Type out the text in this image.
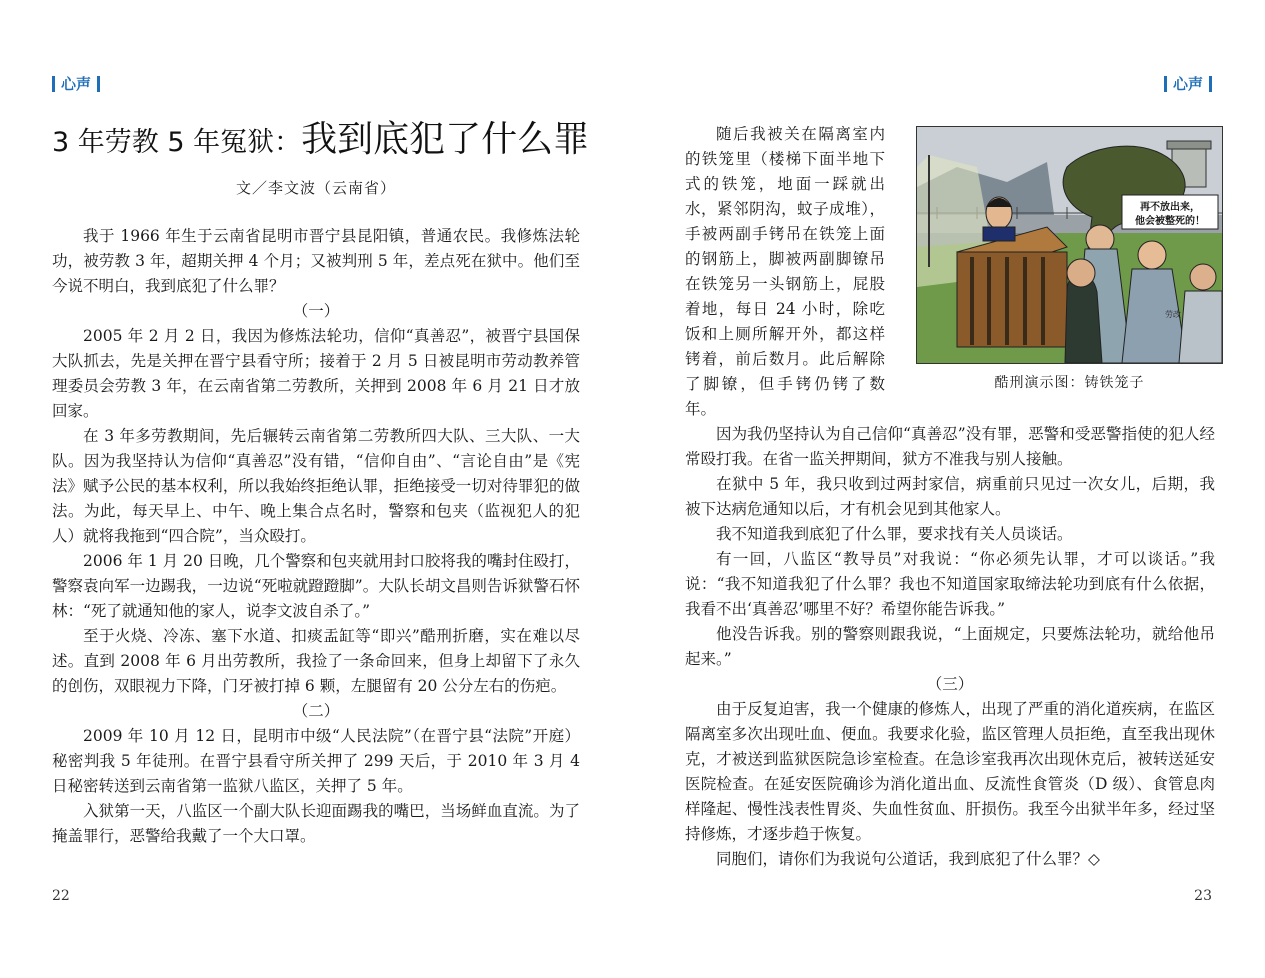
心声
3 年劳教 5 年冤狱：我到底犯了什么罪
文／李文波（云南省）

我于 1966 年生于云南省昆明市晋宁县昆阳镇，普通农民。我修炼法轮功，被劳教 3 年，超期关押 4 个月；又被判刑 5 年，差点死在狱中。他们至今说不明白，我到底犯了什么罪？

（一）

2005 年 2 月 2 日，我因为修炼法轮功，信仰“真善忍”，被晋宁县国保大队抓去，先是关押在晋宁县看守所；接着于 2 月 5 日被昆明市劳动教养管理委员会劳教 3 年，在云南省第二劳教所，关押到 2008 年 6 月 21 日才放回家。

在 3 年多劳教期间，先后辗转云南省第二劳教所四大队、三大队、一大队。因为我坚持认为信仰“真善忍”没有错，“信仰自由”、“言论自由”是《宪法》赋予公民的基本权利，所以我始终拒绝认罪，拒绝接受一切对待罪犯的做法。为此，每天早上、中午、晚上集合点名时，警察和包夹（监视犯人的犯人）就将我拖到“四合院”，当众殴打。

2006 年 1 月 20 日晚，几个警察和包夹就用封口胶将我的嘴封住殴打，警察袁向军一边踢我，一边说“死啦就蹬蹬脚”。大队长胡文昌则告诉狱警石怀林：“死了就通知他的家人，说李文波自杀了。”

至于火烧、冷冻、塞下水道、扣痰盂缸等“即兴”酷刑折磨，实在难以尽述。直到 2008 年 6 月出劳教所，我捡了一条命回来，但身上却留下了永久的创伤，双眼视力下降，门牙被打掉 6 颗，左腿留有 20 公分左右的伤疤。

（二）

2009 年 10 月 12 日，昆明市中级“人民法院”（在晋宁县“法院”开庭）秘密判我 5 年徒刑。在晋宁县看守所关押了 299 天后，于 2010 年 3 月 4 日秘密转送到云南省第一监狱八监区，关押了 5 年。

入狱第一天，八监区一个副大队长迎面踢我的嘴巴，当场鲜血直流。为了掩盖罪行，恶警给我戴了一个大口罩。

22
心声

随后我被关在隔离室内的铁笼里（楼梯下面半地下式的铁笼，地面一踩就出水，紧邻阴沟，蚊子成堆），手被两副手铐吊在铁笼上面的钢筋上，脚被两副脚镣吊在铁笼另一头钢筋上，屁股着地，每日 24 小时，除吃饭和上厕所解开外，都这样铐着，前后数月。此后解除了脚镣，但手铐仍铐了数年。

再不放出来，
他会被整死的！
劳改
酷刑演示图：铸铁笼子

因为我仍坚持认为自己信仰“真善忍”没有罪，恶警和受恶警指使的犯人经常殴打我。在省一监关押期间，狱方不准我与别人接触。

在狱中 5 年，我只收到过两封家信，病重前只见过一次女儿，后期，我被下达病危通知以后，才有机会见到其他家人。

我不知道我到底犯了什么罪，要求找有关人员谈话。

有一回，八监区“教导员”对我说：“你必须先认罪，才可以谈话。”我说：“我不知道我犯了什么罪？我也不知道国家取缔法轮功到底有什么依据，我看不出‘真善忍’哪里不好？希望你能告诉我。”

他没告诉我。别的警察则跟我说，“上面规定，只要炼法轮功，就给他吊起来。”

（三）

由于反复迫害，我一个健康的修炼人，出现了严重的消化道疾病，在监区隔离室多次出现吐血、便血。我要求化验，监区管理人员拒绝，直至我出现休克，才被送到监狱医院急诊室检查。在急诊室我再次出现休克后，被转送延安医院检查。在延安医院确诊为消化道出血、反流性食管炎（D 级）、食管息肉样隆起、慢性浅表性胃炎、失血性贫血、肝损伤。我至今出狱半年多，经过坚持修炼，才逐步趋于恢复。

同胞们，请你们为我说句公道话，我到底犯了什么罪？◇

23
